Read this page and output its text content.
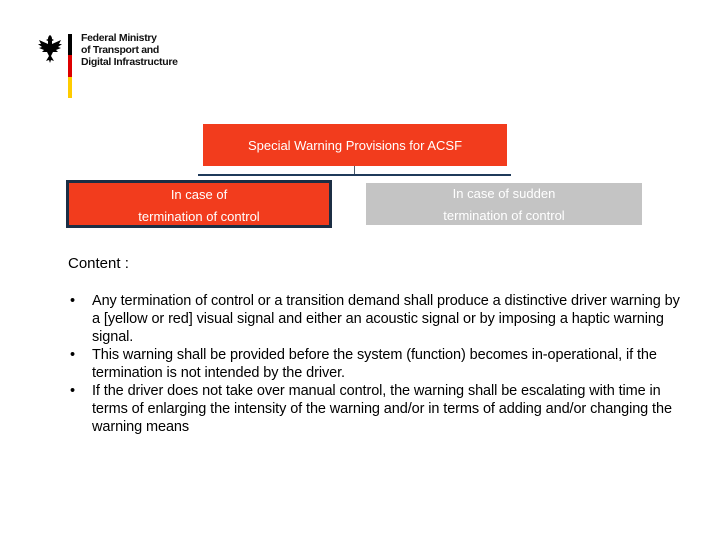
Federal Ministry
of Transport and
Digital Infrastructure
Special Warning Provisions for ACSF
In case of
termination of control
In case of sudden
termination of control
Content :
•	Any termination of control or a transition demand shall produce a distinctive driver warning by a [yellow or red] visual signal and either an acoustic signal or by imposing a haptic warning signal.
•	This warning shall be provided before the system (function) becomes in-operational, if the termination is not intended by the driver.
•	If the driver does not take over manual control, the warning shall be escalating with time in terms of enlarging the intensity of the warning and/or in terms of adding and/or changing the warning means
